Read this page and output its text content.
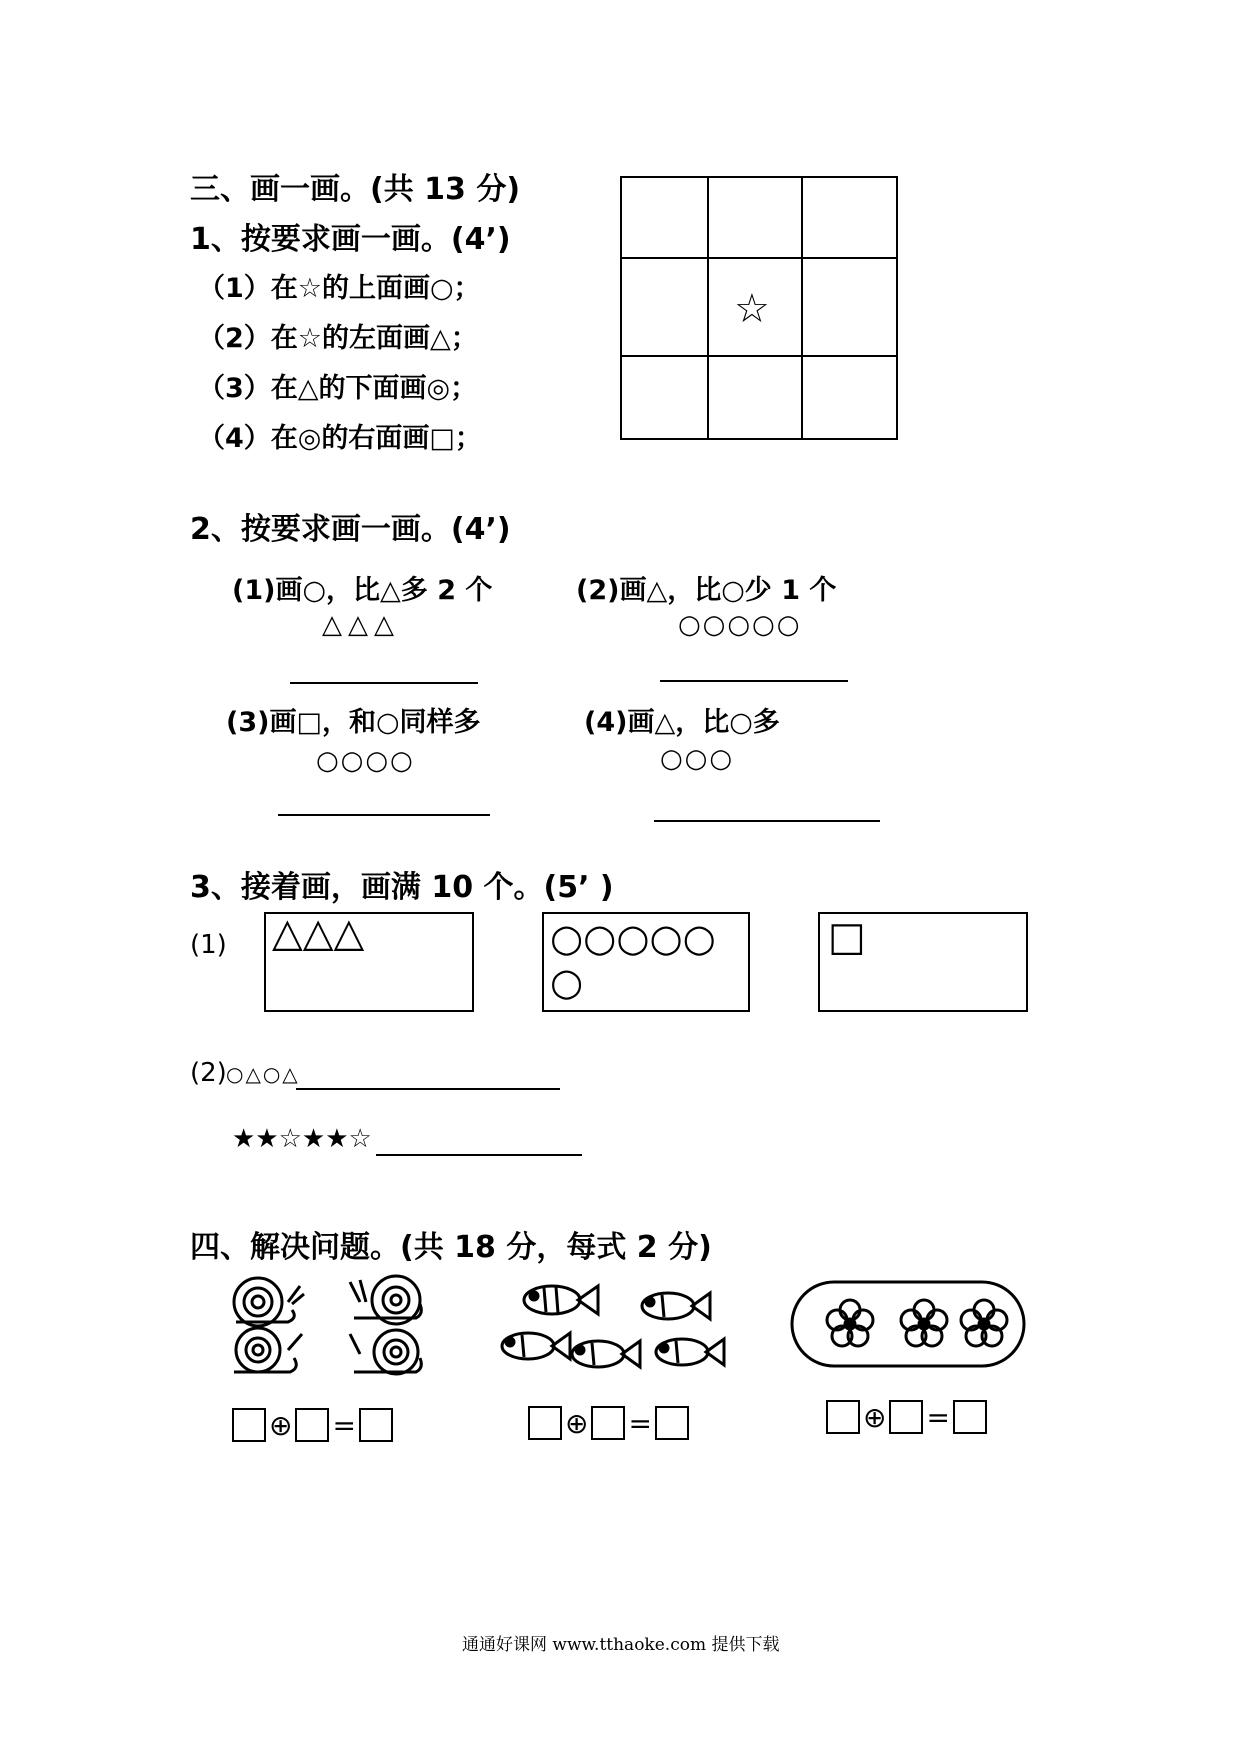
三、画一画。(共 13 分)
1、按要求画一画。(4’)
（1）在☆的上面画○；
（2）在☆的左面画△；
（3）在△的下面画◎；
（4）在◎的右面画□；
☆
2、按要求画一画。(4’)
(1)画○，比△多 2 个
△△△
(2)画△，比○少 1 个
○○○○○
(3)画□，和○同样多
○○○○
(4)画△，比○多
○○○
3、接着画，画满 10 个。(5’ )
(1) △△△	○○○○○○
□
(2) ○△○△
★★☆★★☆
四、解决问题。(共 18 分，每式 2 分)
⊕ =	⊕ =	⊕ =
通通好课网 www.tthaoke.com 提供下载
